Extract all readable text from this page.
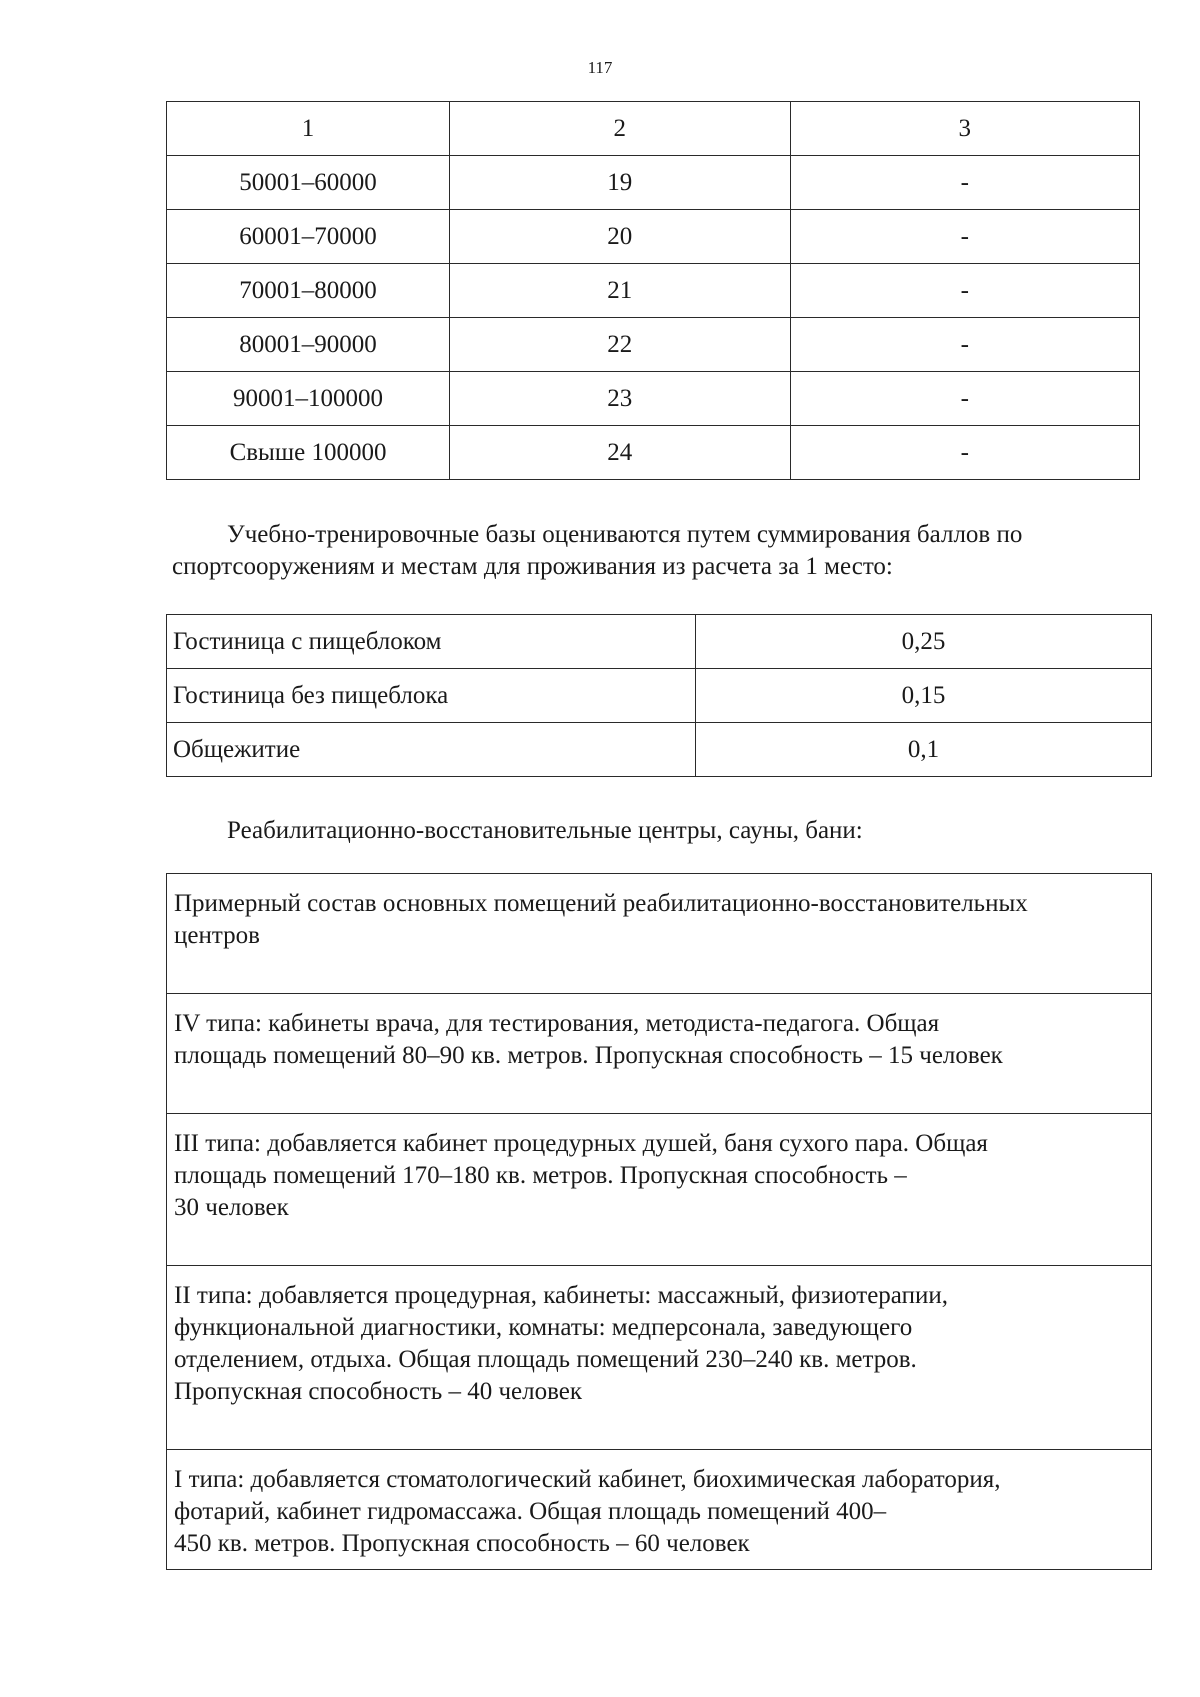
117
1	2	3
50001–60000	19	-
60001–70000	20	-
70001–80000	21	-
80001–90000	22	-
90001–100000	23	-
Свыше 100000	24	-
Учебно-тренировочные базы оцениваются путем суммирования баллов по
спортсооружениям и местам для проживания из расчета за 1 место:
Гостиница с пищеблоком	0,25
Гостиница без пищеблока	0,15
Общежитие	0,1
Реабилитационно-восстановительные центры, сауны, бани:
Примерный состав основных помещений реабилитационно-восстановительных
центров

IV типа: кабинеты врача, для тестирования, методиста-педагога. Общая
площадь помещений 80–90 кв. метров. Пропускная способность – 15 человек

III типа: добавляется кабинет процедурных душей, баня сухого пара. Общая
площадь помещений 170–180 кв. метров. Пропускная способность –
30 человек

II типа: добавляется процедурная, кабинеты: массажный, физиотерапии,
функциональной диагностики, комнаты: медперсонала, заведующего
отделением, отдыха. Общая площадь помещений 230–240 кв. метров.
Пропускная способность – 40 человек

I типа: добавляется стоматологический кабинет, биохимическая лаборатория,
фотарий, кабинет гидромассажа. Общая площадь помещений 400–
450 кв. метров. Пропускная способность – 60 человек
